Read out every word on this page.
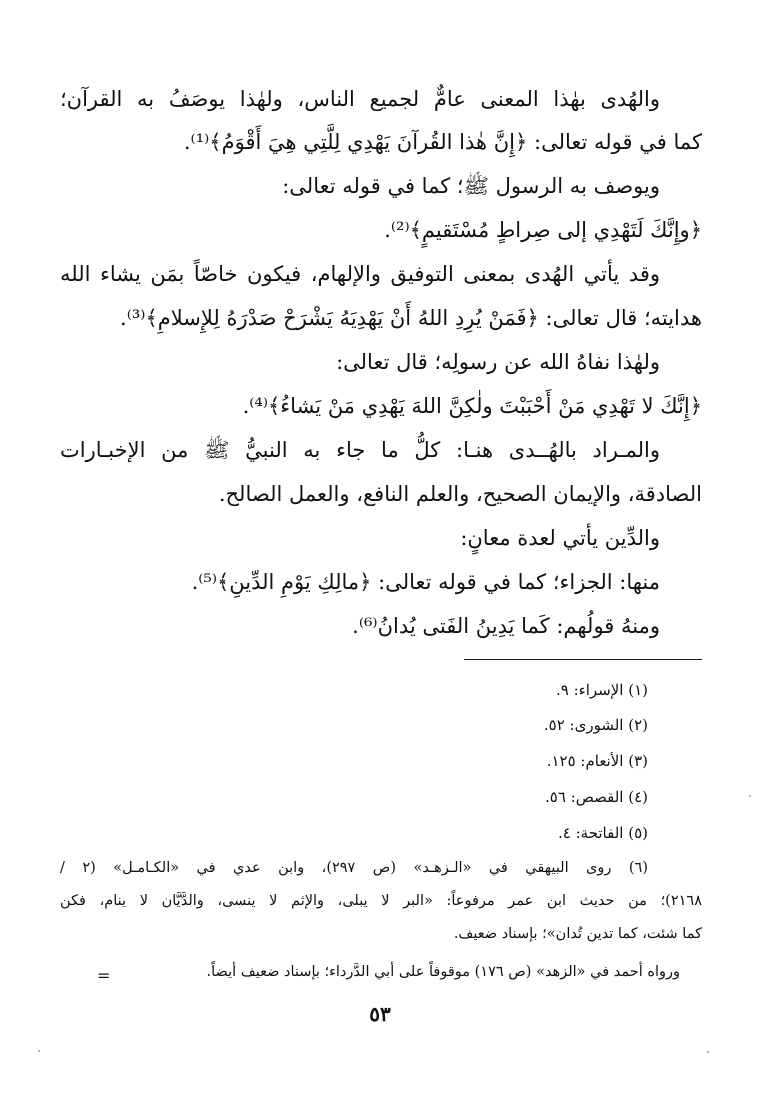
والهُدى بهٰذا المعنى عامٌّ لجميع الناس، ولهٰذا يوصَفُ به القرآن؛
كما في قوله تعالى: ﴿إِنَّ هٰذا القُرآنَ يَهْدِي لِلَّتِي هِيَ أَقْوَمُ﴾⁽¹⁾.
ويوصف به الرسول ﷺ؛ كما في قوله تعالى:
﴿وإِنَّكَ لَتَهْدِي إلى صِراطٍ مُسْتَقيمٍ﴾⁽²⁾.
وقد يأتي الهُدى بمعنى التوفيق والإلهام، فيكون خاصّاً بمَن يشاء الله
هدايته؛ قال تعالى: ﴿فَمَنْ يُرِدِ اللهُ أَنْ يَهْدِيَهُ يَشْرَحْ صَدْرَهُ لِلإِسلامِ﴾⁽³⁾.
ولهٰذا نفاهُ الله عن رسولِه؛ قال تعالى:
﴿إِنَّكَ لا تَهْدِي مَنْ أَحْبَبْتَ ولٰكِنَّ اللهَ يَهْدِي مَنْ يَشاءُ﴾⁽⁴⁾.
والمـراد بالهُــدى هنـا: كلُّ ما جاء به النبيُّ ﷺ من الإخبـارات
الصادقة، والإيمان الصحيح، والعلم النافع، والعمل الصالح.
والدِّين يأتي لعدة معانٍ:
منها: الجزاء؛ كما في قوله تعالى: ﴿مالِكِ يَوْمِ الدِّينِ﴾⁽⁵⁾.
ومنهُ قولُهم: كَما يَدِينُ الفَتى يُدانُ⁽⁶⁾.
(١) الإسراء: ٩.
(٢) الشورى: ٥٢.
(٣) الأنعام: ١٢٥.
(٤) القصص: ٥٦.
(٥) الفاتحة: ٤.
(٦) روى البيهقي في «الـزهـد» (ص ٢٩٧)، وابن عدي في «الكـامـل» (٢ /
٢١٦٨)؛ من حديث ابن عمر مرفوعاً: «البر لا يبلى، والإثم لا ينسى، والدَّيَّان لا ينام، فكن
كما شئت، كما تدين تُدان»؛ بإسناد ضعيف.
ورواه أحمد في «الزهد» (ص ١٧٦) موقوفاً على أبي الدَّرداء؛ بإسناد ضعيف أيضاً.
=
٥٣
